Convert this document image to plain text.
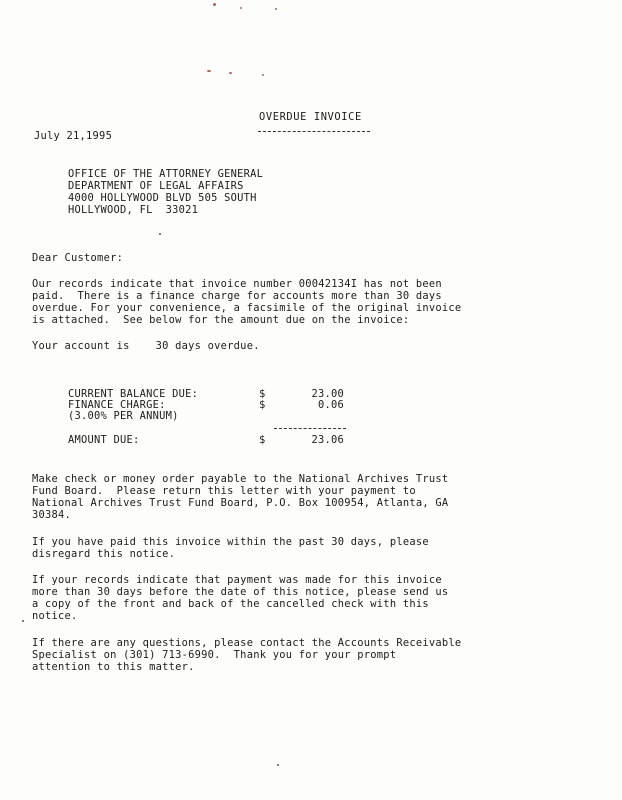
OVERDUE INVOICE
July 21,1995
OFFICE OF THE ATTORNEY GENERAL
DEPARTMENT OF LEGAL AFFAIRS
4000 HOLLYWOOD BLVD 505 SOUTH
HOLLYWOOD, FL  33021
Dear Customer:
Our records indicate that invoice number 00042134I has not been
paid.  There is a finance charge for accounts more than 30 days
overdue. For your convenience, a facsimile of the original invoice
is attached.  See below for the amount due on the invoice:
Your account is    30 days overdue.
CURRENT BALANCE DUE:	$	23.00
FINANCE CHARGE:	$	0.06
(3.00% PER ANNUM)
AMOUNT DUE:	$	23.06
Make check or money order payable to the National Archives Trust
Fund Board.  Please return this letter with your payment to
National Archives Trust Fund Board, P.O. Box 100954, Atlanta, GA
30384.
If you have paid this invoice within the past 30 days, please
disregard this notice.
If your records indicate that payment was made for this invoice
more than 30 days before the date of this notice, please send us
a copy of the front and back of the cancelled check with this
notice.
If there are any questions, please contact the Accounts Receivable
Specialist on (301) 713-6990.  Thank you for your prompt
attention to this matter.
